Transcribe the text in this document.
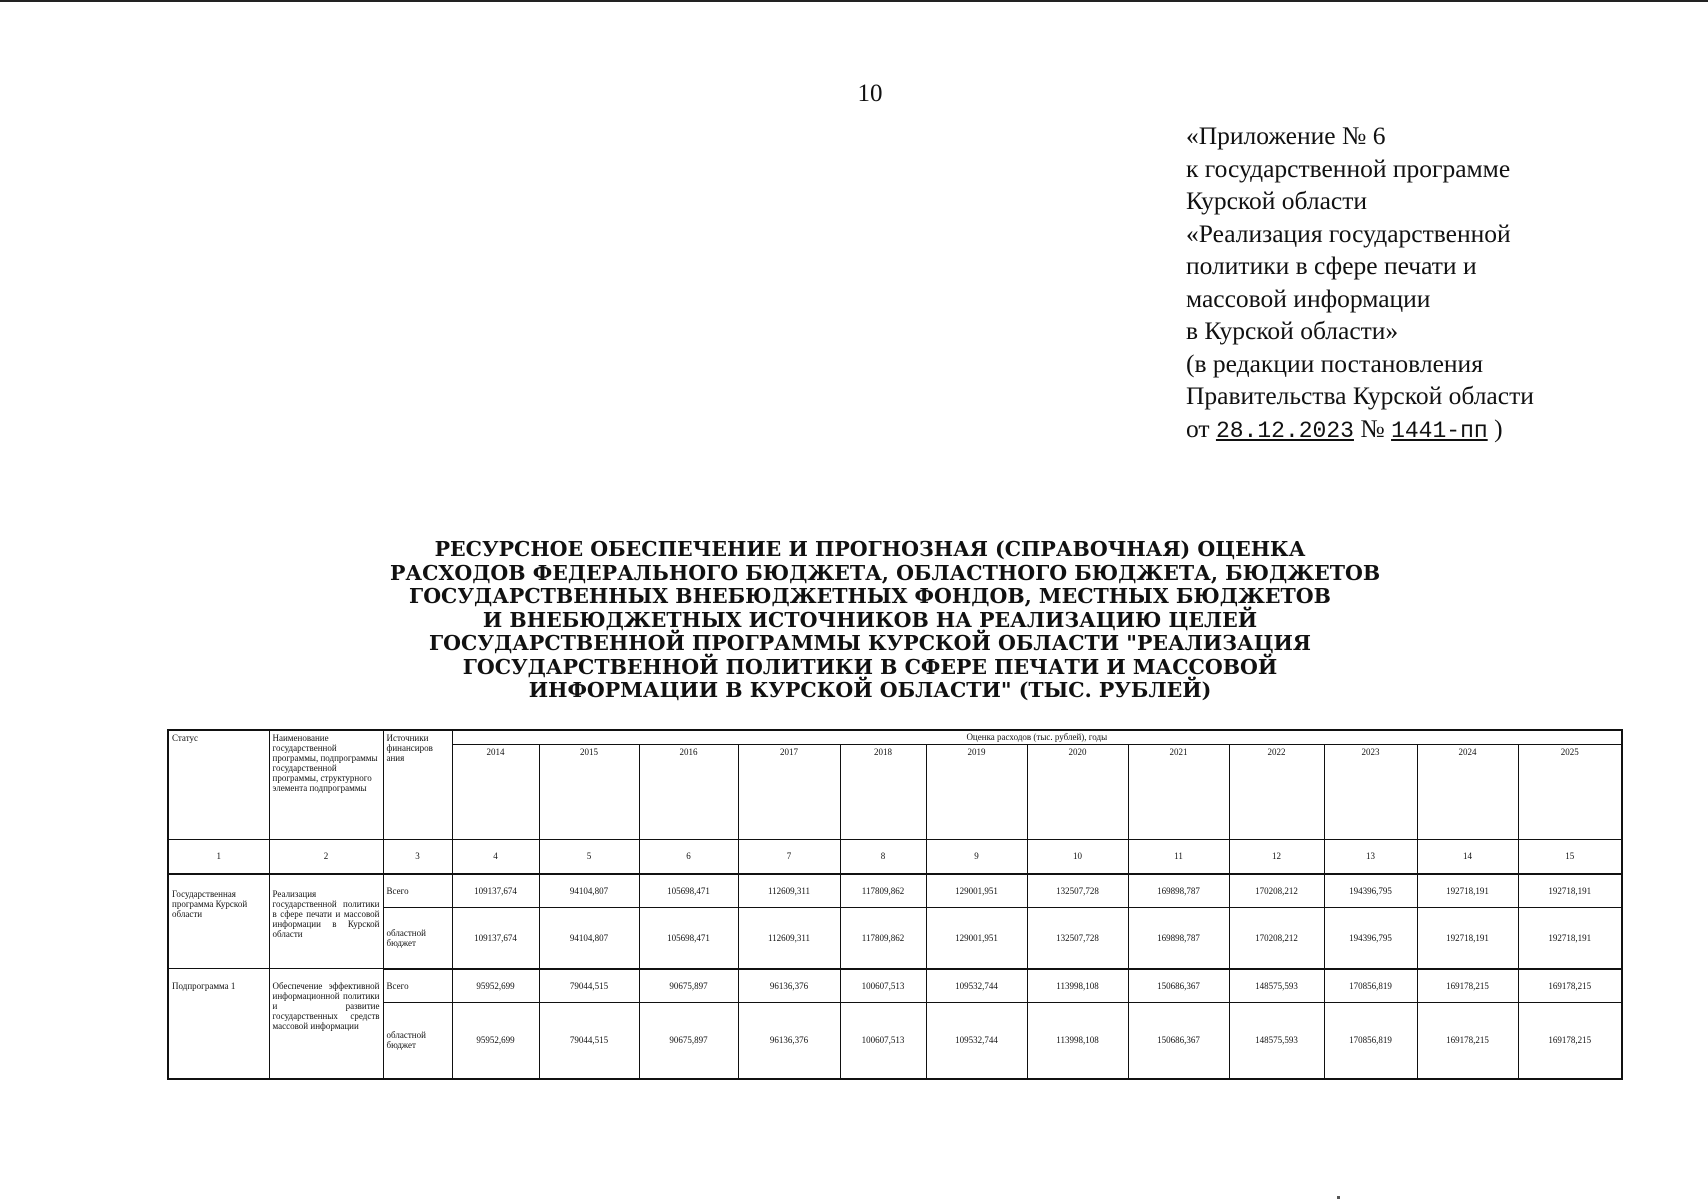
10
«Приложение № 6
к государственной программе
Курской области
«Реализация государственной
политики в сфере печати и
массовой информации
в Курской области»
(в редакции постановления
Правительства Курской области
от 28.12.2023 № 1441-пп )
РЕСУРСНОЕ ОБЕСПЕЧЕНИЕ И ПРОГНОЗНАЯ (СПРАВОЧНАЯ) ОЦЕНКА
РАСХОДОВ ФЕДЕРАЛЬНОГО БЮДЖЕТА, ОБЛАСТНОГО БЮДЖЕТА, БЮДЖЕТОВ
ГОСУДАРСТВЕННЫХ ВНЕБЮДЖЕТНЫХ ФОНДОВ, МЕСТНЫХ БЮДЖЕТОВ
И ВНЕБЮДЖЕТНЫХ ИСТОЧНИКОВ НА РЕАЛИЗАЦИЮ ЦЕЛЕЙ
ГОСУДАРСТВЕННОЙ ПРОГРАММЫ КУРСКОЙ ОБЛАСТИ "РЕАЛИЗАЦИЯ
ГОСУДАРСТВЕННОЙ ПОЛИТИКИ В СФЕРЕ ПЕЧАТИ И МАССОВОЙ
ИНФОРМАЦИИ В КУРСКОЙ ОБЛАСТИ" (ТЫС. РУБЛЕЙ)
Статус	Наименование государственной программы, подпрограммы государственной программы, структурного элемента подпрограммы	Источники финансиров ания	Оценка расходов (тыс. рублей), годы											
			2014	2015	2016	2017	2018	2019	2020	2021	2022	2023	2024	2025
1	2	3	4	5	6	7	8	9	10	11	12	13	14	15
Государственная программа Курской области	Реализация государственной политики в сфере печати и массовой информации в Курской области	Всего	109137,674	94104,807	105698,471	112609,311	117809,862	129001,951	132507,728	169898,787	170208,212	194396,795	192718,191	192718,191
		областной бюджет	109137,674	94104,807	105698,471	112609,311	117809,862	129001,951	132507,728	169898,787	170208,212	194396,795	192718,191	192718,191
Подпрограмма 1	Обеспечение эффективной информационной политики и развитие государственных средств массовой информации	Всего	95952,699	79044,515	90675,897	96136,376	100607,513	109532,744	113998,108	150686,367	148575,593	170856,819	169178,215	169178,215
		областной бюджет	95952,699	79044,515	90675,897	96136,376	100607,513	109532,744	113998,108	150686,367	148575,593	170856,819	169178,215	169178,215
